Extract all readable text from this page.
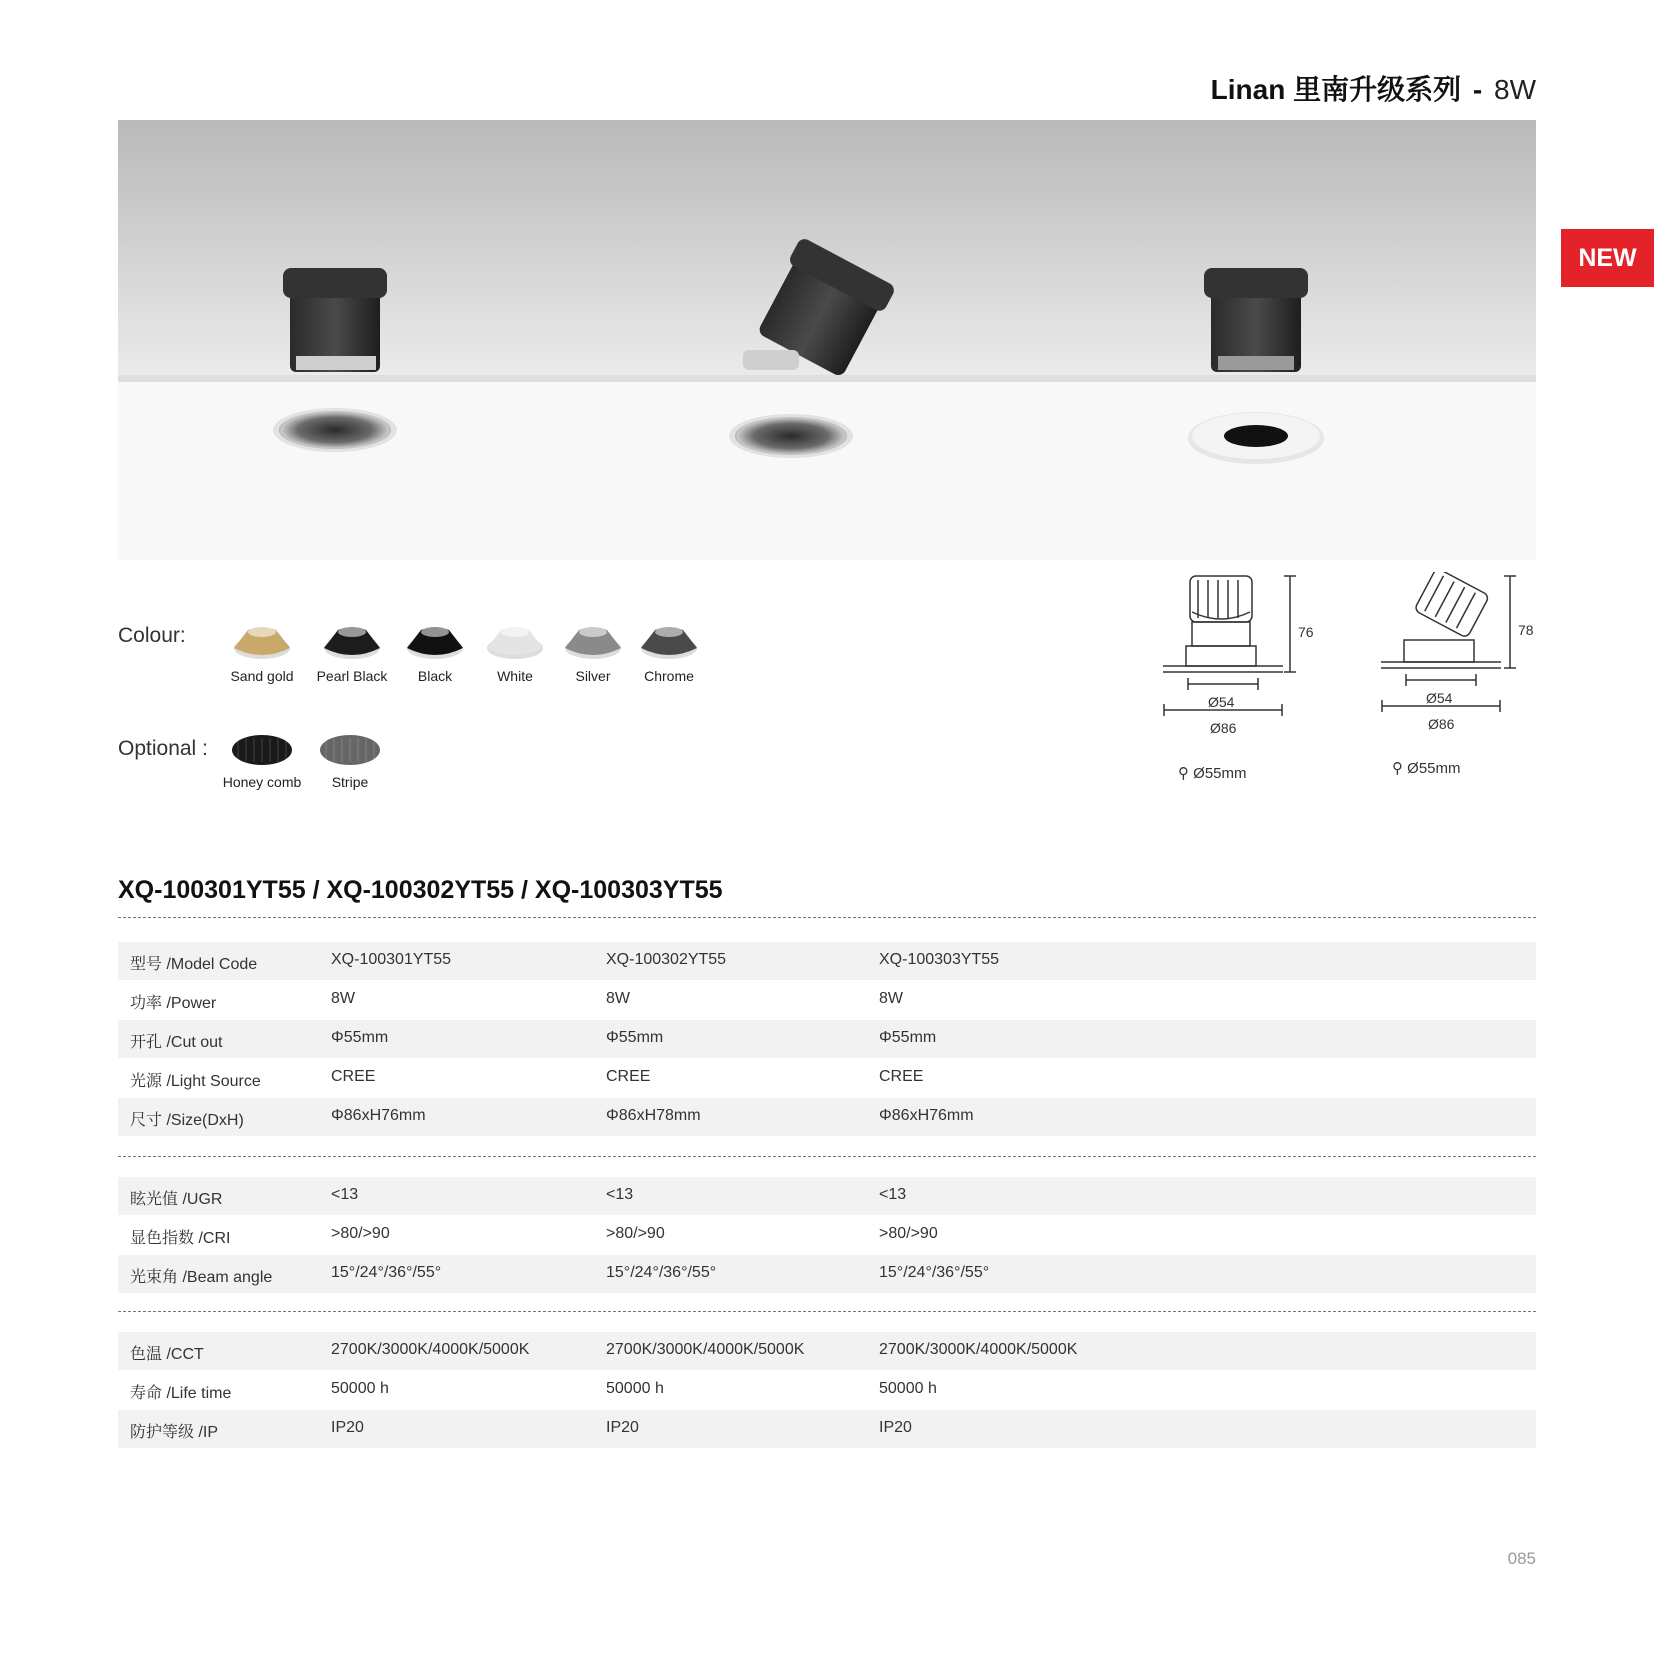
Linan 里南升级系列 - 8W
NEW
Colour:
Sand gold	Pearl Black	Black	White	Silver	Chrome
Optional :
Honey comb	Stripe
76
Ø54
Ø86
⚲ Ø55mm
78
Ø54
Ø86
⚲ Ø55mm
XQ-100301YT55 / XQ-100302YT55 / XQ-100303YT55
型号 /Model Code	XQ-100301YT55	XQ-100302YT55	XQ-100303YT55
功率 /Power	8W	8W	8W
开孔 /Cut out	Φ55mm	Φ55mm	Φ55mm
光源 /Light Source	CREE	CREE	CREE
尺寸 /Size(DxH)	Φ86xH76mm	Φ86xH78mm	Φ86xH76mm
眩光值 /UGR	<13	<13	<13
显色指数 /CRI	>80/>90	>80/>90	>80/>90
光束角 /Beam angle	15°/24°/36°/55°	15°/24°/36°/55°	15°/24°/36°/55°
色温 /CCT	2700K/3000K/4000K/5000K	2700K/3000K/4000K/5000K	2700K/3000K/4000K/5000K
寿命 /Life time	50000 h	50000 h	50000 h
防护等级 /IP	IP20	IP20	IP20
085
